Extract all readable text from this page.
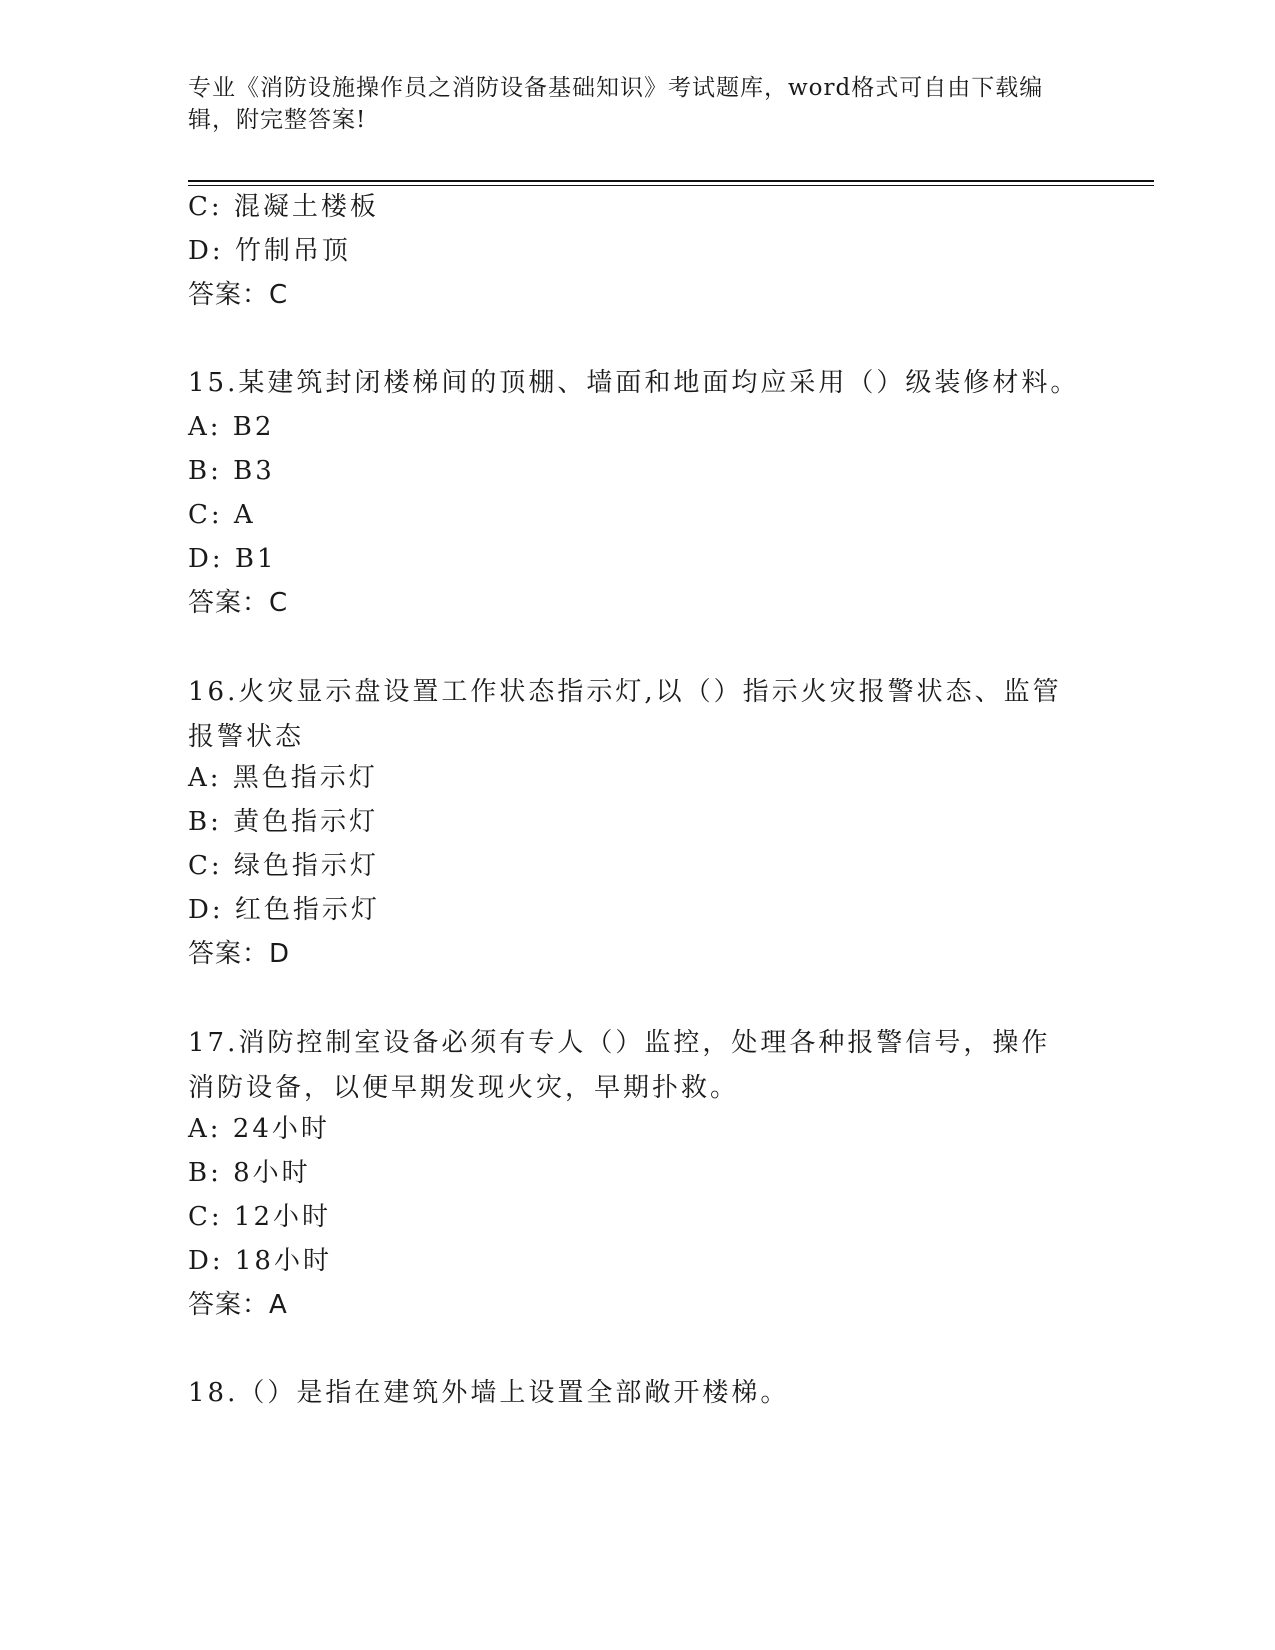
专业《消防设施操作员之消防设备基础知识》考试题库，word格式可自由下载编辑，附完整答案!
C: 混凝土楼板
D: 竹制吊顶
答案：C
15.某建筑封闭楼梯间的顶棚、墙面和地面均应采用（）级装修材料。
A: B2
B: B3
C: A
D: B1
答案：C
16.火灾显示盘设置工作状态指示灯,以（）指示火灾报警状态、监管报警状态
A: 黑色指示灯
B: 黄色指示灯
C: 绿色指示灯
D: 红色指示灯
答案：D
17.消防控制室设备必须有专人（）监控，处理各种报警信号，操作消防设备，以便早期发现火灾，早期扑救。
A: 24小时
B: 8小时
C: 12小时
D: 18小时
答案：A
18.（）是指在建筑外墙上设置全部敞开楼梯。
